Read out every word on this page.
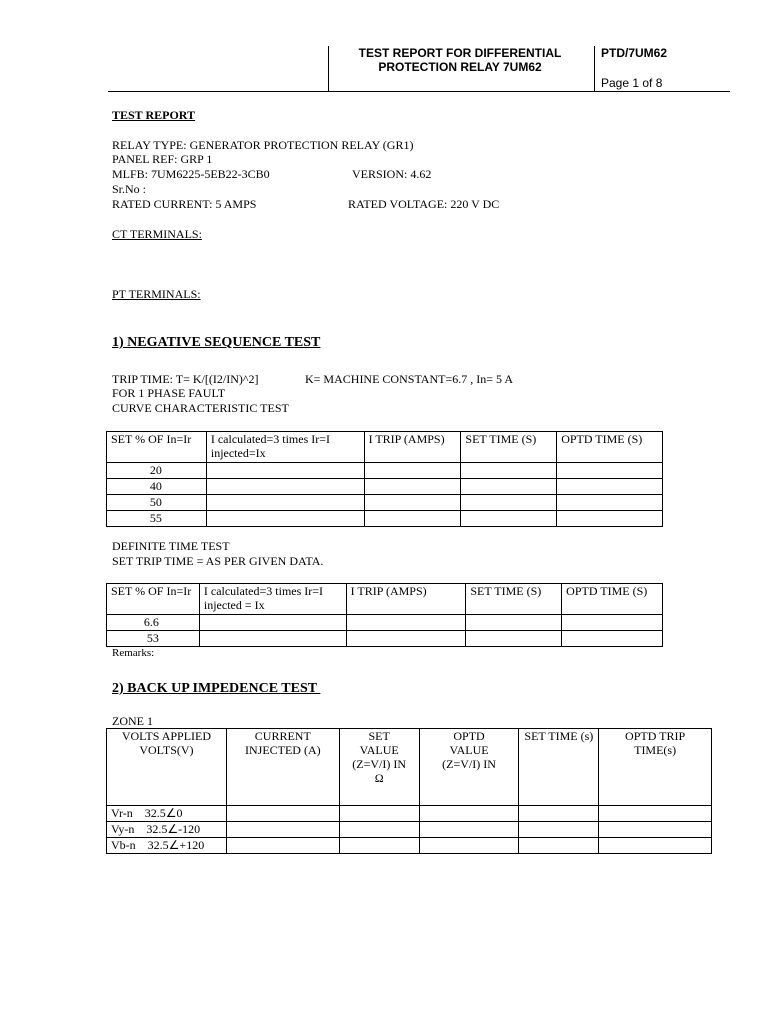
TEST REPORT FOR DIFFERENTIAL
PROTECTION RELAY 7UM62
PTD/7UM62
Page 1 of 8
TEST REPORT
RELAY TYPE: GENERATOR PROTECTION RELAY (GR1)
PANEL REF: GRP 1
MLFB: 7UM6225-5EB22-3CB0	VERSION: 4.62
Sr.No :
RATED CURRENT: 5 AMPS	RATED VOLTAGE: 220 V DC
CT TERMINALS:
PT TERMINALS:
1) NEGATIVE SEQUENCE TEST
TRIP TIME: T= K/[(I2/IN)^2]	K= MACHINE CONSTANT=6.7 , In= 5 A
FOR 1 PHASE FAULT
CURVE CHARACTERISTIC TEST
SET % OF In=Ir	I calculated=3 times Ir=I injected=Ix	I TRIP (AMPS)	SET TIME (S)	OPTD TIME (S)
20				
40				
50				
55				
DEFINITE TIME TEST
SET TRIP TIME = AS PER GIVEN DATA.
SET % OF In=Ir	I calculated=3 times Ir=I injected = Ix	I TRIP (AMPS)	SET TIME (S)	OPTD TIME (S)
6.6				
53				
Remarks:
2) BACK UP IMPEDENCE TEST
ZONE 1
VOLTS APPLIED VOLTS(V)	CURRENT INJECTED (A)	SET VALUE (Z=V/I) IN Ω	OPTD VALUE (Z=V/I) IN	SET TIME (s)	OPTD TRIP TIME(s)
Vr-n    32.5∠0					
Vy-n    32.5∠-120					
Vb-n    32.5∠+120					
